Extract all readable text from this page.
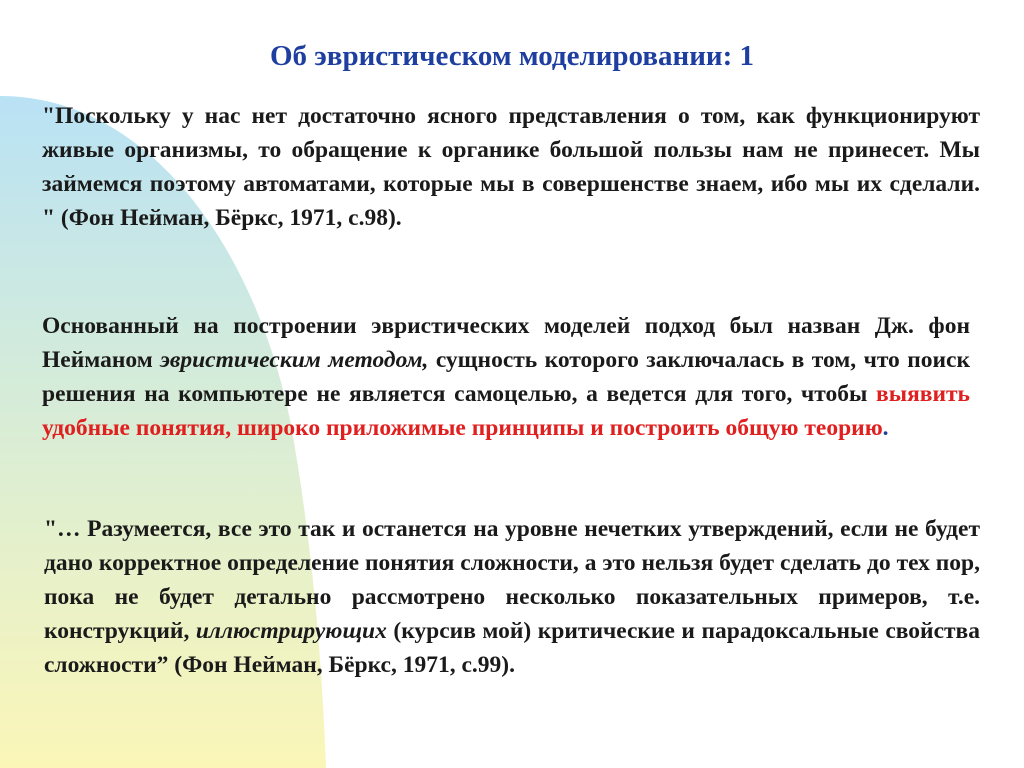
Об эвристическом моделировании: 1

"Поскольку у нас нет достаточно ясного представления о том, как функционируют живые организмы, то обращение к органике большой пользы нам не принесет. Мы займемся поэтому автоматами, которые мы в совершенстве знаем, ибо мы их сделали. " (Фон Нейман, Бёркс, 1971, с.98).

Основанный на построении эвристических моделей подход был назван Дж. фон Нейманом эвристическим методом, сущность которого заключалась в том, что поиск решения на компьютере не является самоцелью, а ведется для того, чтобы выявить удобные понятия, широко приложимые принципы и построить общую теорию.

"… Разумеется, все это так и останется на уровне нечетких утверждений, если не будет дано корректное определение понятия сложности, а это нельзя будет сделать до тех пор, пока не будет детально рассмотрено несколько показательных примеров, т.е. конструкций, иллюстрирующих (курсив мой) критические и парадоксальные свойства сложности” (Фон Нейман, Бёркс, 1971, с.99).
